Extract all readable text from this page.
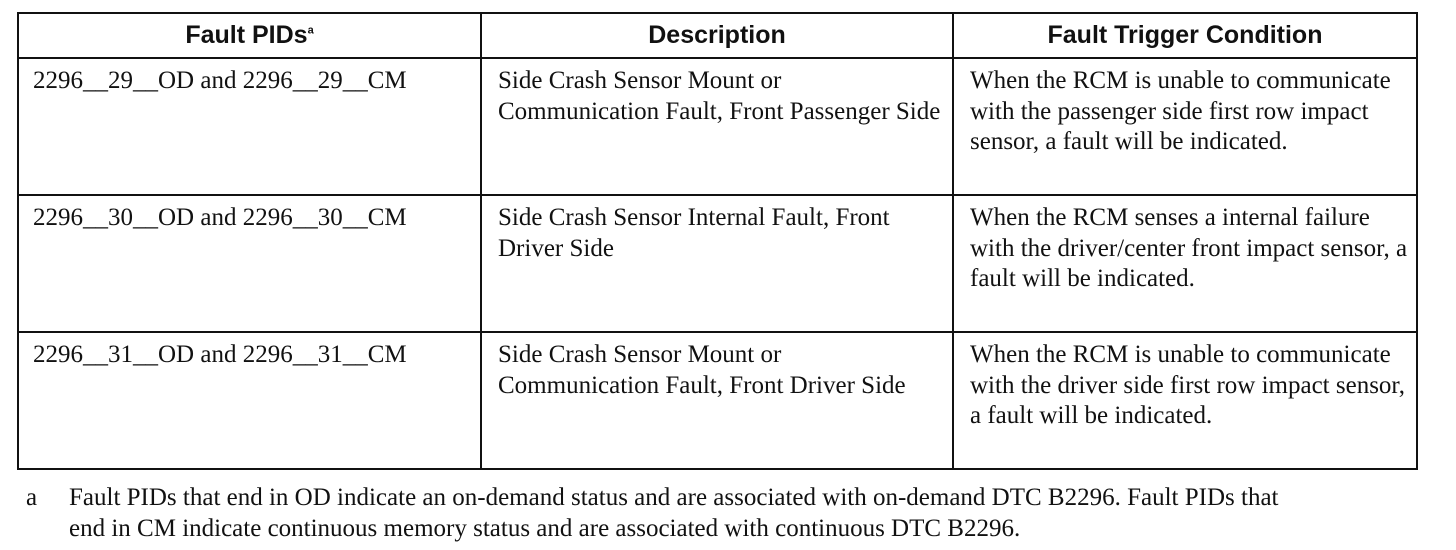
Fault PIDs$^a$	Description	Fault Trigger Condition
2296__29__OD and 2296__29__CM	Side Crash Sensor Mount or Communication Fault, Front Passenger Side	When the RCM is unable to communicate with the passenger side first row impact sensor, a fault will be indicated.
2296__30__OD and 2296__30__CM	Side Crash Sensor Internal Fault, Front Driver Side	When the RCM senses a internal failure with the driver/center front impact sensor, a fault will be indicated.
2296__31__OD and 2296__31__CM	Side Crash Sensor Mount or Communication Fault, Front Driver Side	When the RCM is unable to communicate with the driver side first row impact sensor, a fault will be indicated.
a Fault PIDs that end in OD indicate an on-demand status and are associated with on-demand DTC B2296. Fault PIDs that end in CM indicate continuous memory status and are associated with continuous DTC B2296.
